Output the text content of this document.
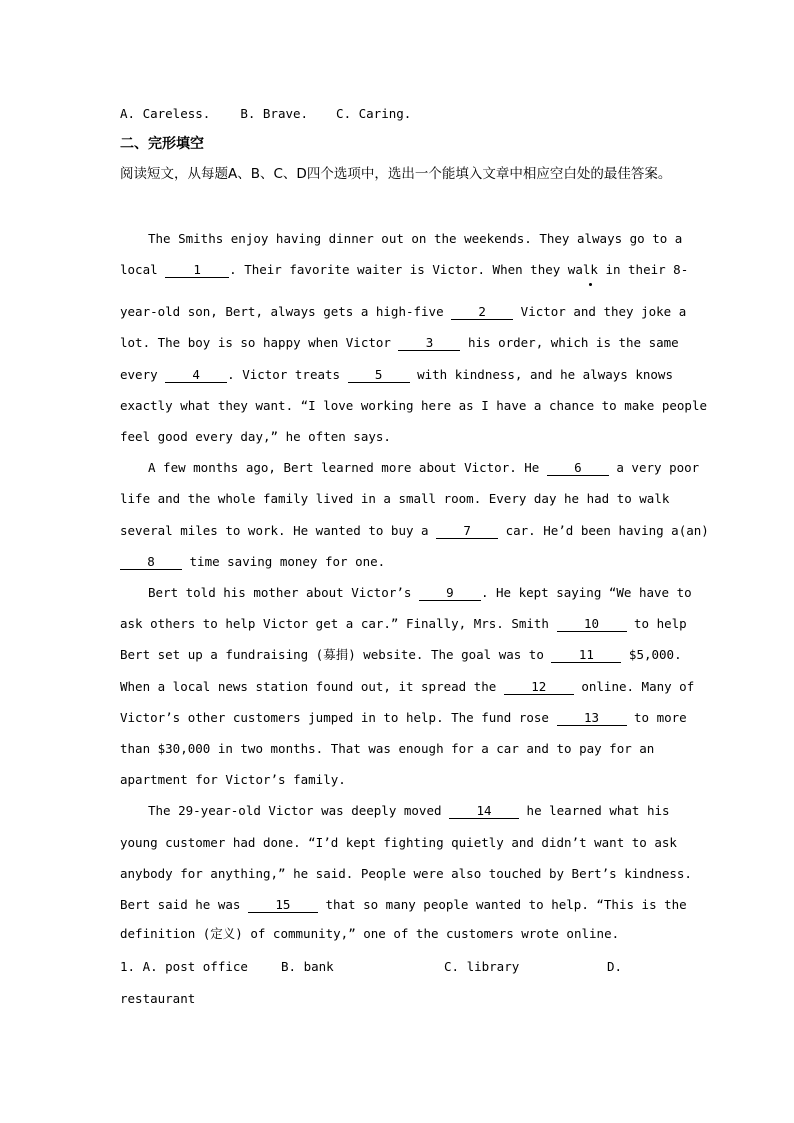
A. Careless. B. Brave. C. Caring.
二、完形填空
阅读短文，从每题A、B、C、D四个选项中，选出一个能填入文章中相应空白处的最佳答案。
The Smiths enjoy having dinner out on the weekends. They always go to a
local 1 . Their favorite waiter is Victor. When they walk in their 8-
year-old son, Bert, always gets a high-five 2 Victor and they joke a
lot. The boy is so happy when Victor 3 his order, which is the same
every 4 . Victor treats 5 with kindness, and he always knows
exactly what they want. “I love working here as I have a chance to make people
feel good every day,” he often says.
A few months ago, Bert learned more about Victor. He 6 a very poor
life and the whole family lived in a small room. Every day he had to walk
several miles to work. He wanted to buy a 7 car. He’d been having a(an)
8 time saving money for one.
Bert told his mother about Victor’s 9 . He kept saying “We have to
ask others to help Victor get a car.” Finally, Mrs. Smith 10 to help
Bert set up a fundraising (募捐) website. The goal was to 11 $5,000.
When a local news station found out, it spread the 12 online. Many of
Victor’s other customers jumped in to help. The fund rose 13 to more
than $30,000 in two months. That was enough for a car and to pay for an
apartment for Victor’s family.
The 29-year-old Victor was deeply moved 14 he learned what his
young customer had done. “I’d kept fighting quietly and didn’t want to ask
anybody for anything,” he said. People were also touched by Bert’s kindness.
Bert said he was 15 that so many people wanted to help. “This is the
definition (定义) of community,” one of the customers wrote online.
1. A. post office	B. bank	C. library	D.
restaurant
